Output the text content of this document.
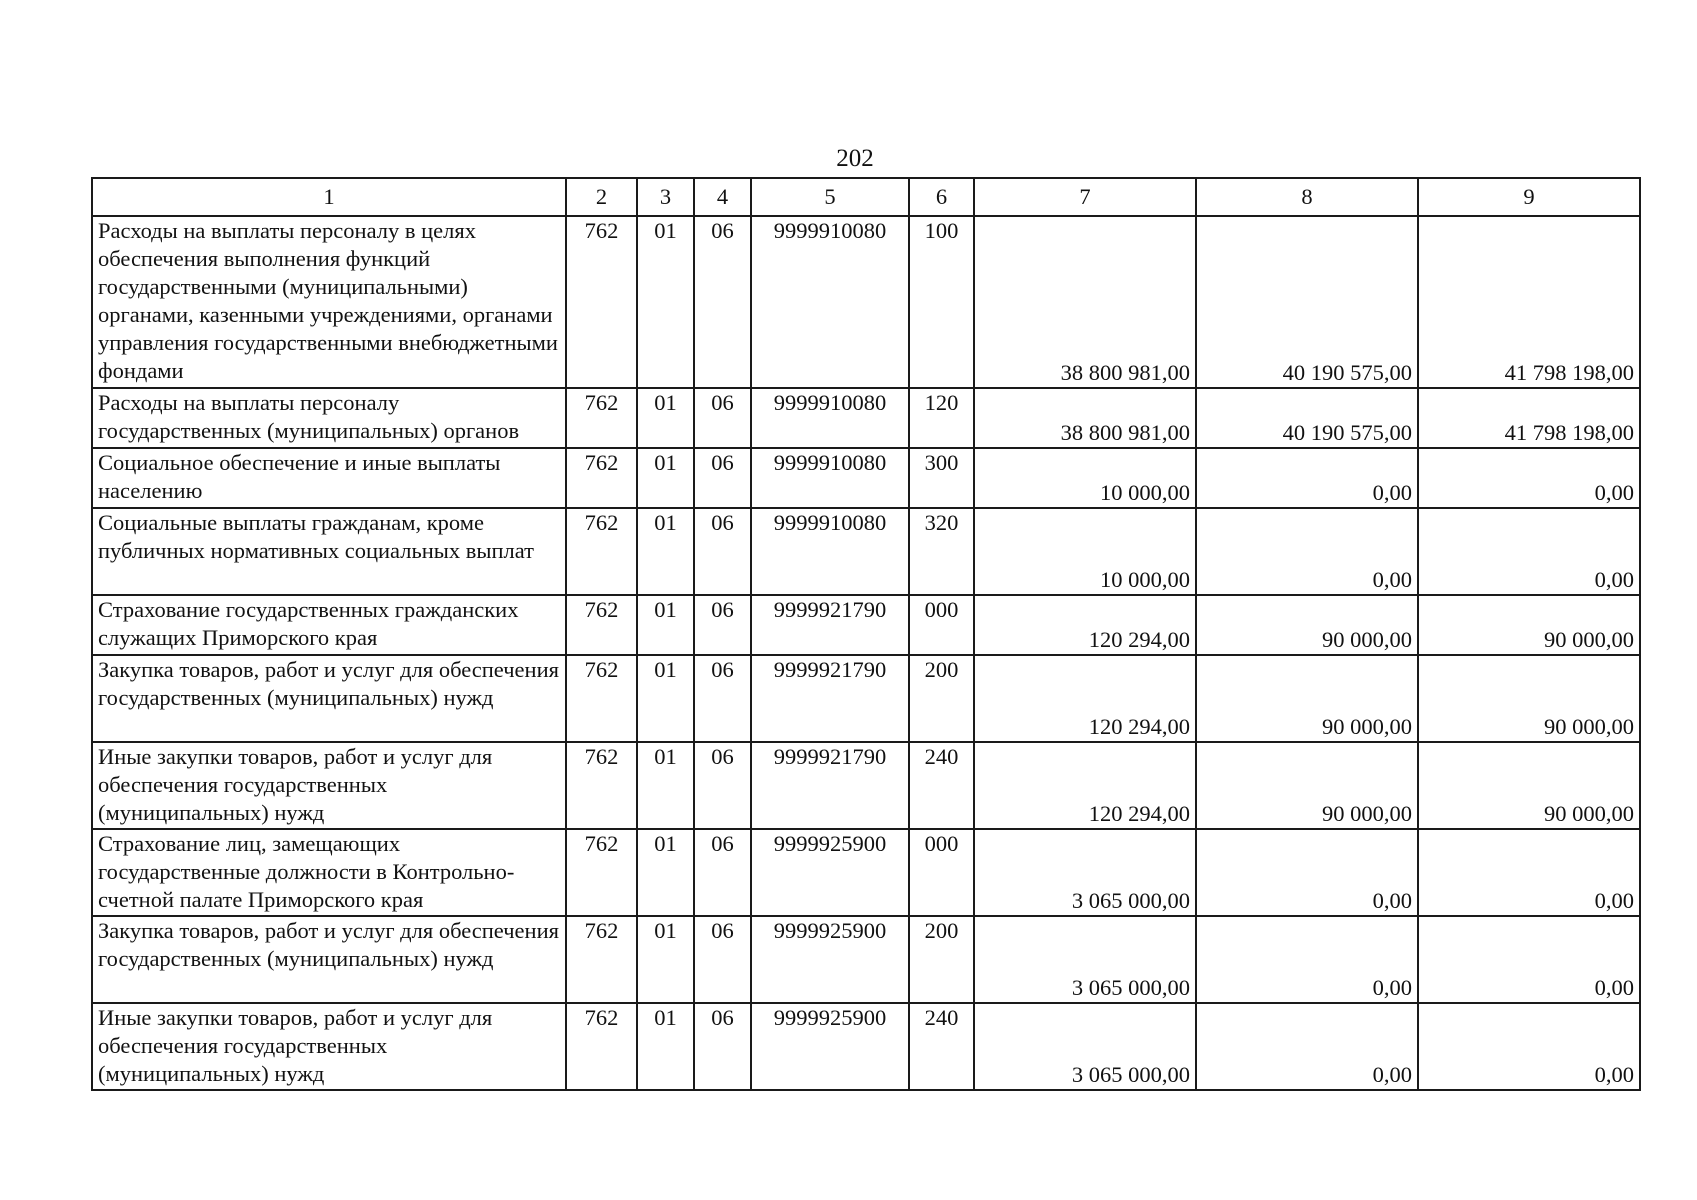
202
1	2	3	4	5	6	7	8	9
Расходы на выплаты персоналу в целях обеспечения выполнения функций государственными (муниципальными) органами, казенными учреждениями, органами управления государственными внебюджетными фондами	762	01	06	9999910080	100	38 800 981,00	40 190 575,00	41 798 198,00
Расходы на выплаты персоналу государственных (муниципальных) органов	762	01	06	9999910080	120	38 800 981,00	40 190 575,00	41 798 198,00
Социальное обеспечение и иные выплаты населению	762	01	06	9999910080	300	10 000,00	0,00	0,00
Социальные выплаты гражданам, кроме публичных нормативных социальных выплат	762	01	06	9999910080	320	10 000,00	0,00	0,00
Страхование государственных гражданских служащих Приморского края	762	01	06	9999921790	000	120 294,00	90 000,00	90 000,00
Закупка товаров, работ и услуг для обеспечения государственных (муниципальных) нужд	762	01	06	9999921790	200	120 294,00	90 000,00	90 000,00
Иные закупки товаров, работ и услуг для обеспечения государственных (муниципальных) нужд	762	01	06	9999921790	240	120 294,00	90 000,00	90 000,00
Страхование лиц, замещающих государственные должности в Контрольно-счетной палате Приморского края	762	01	06	9999925900	000	3 065 000,00	0,00	0,00
Закупка товаров, работ и услуг для обеспечения государственных (муниципальных) нужд	762	01	06	9999925900	200	3 065 000,00	0,00	0,00
Иные закупки товаров, работ и услуг для обеспечения государственных (муниципальных) нужд	762	01	06	9999925900	240	3 065 000,00	0,00	0,00
